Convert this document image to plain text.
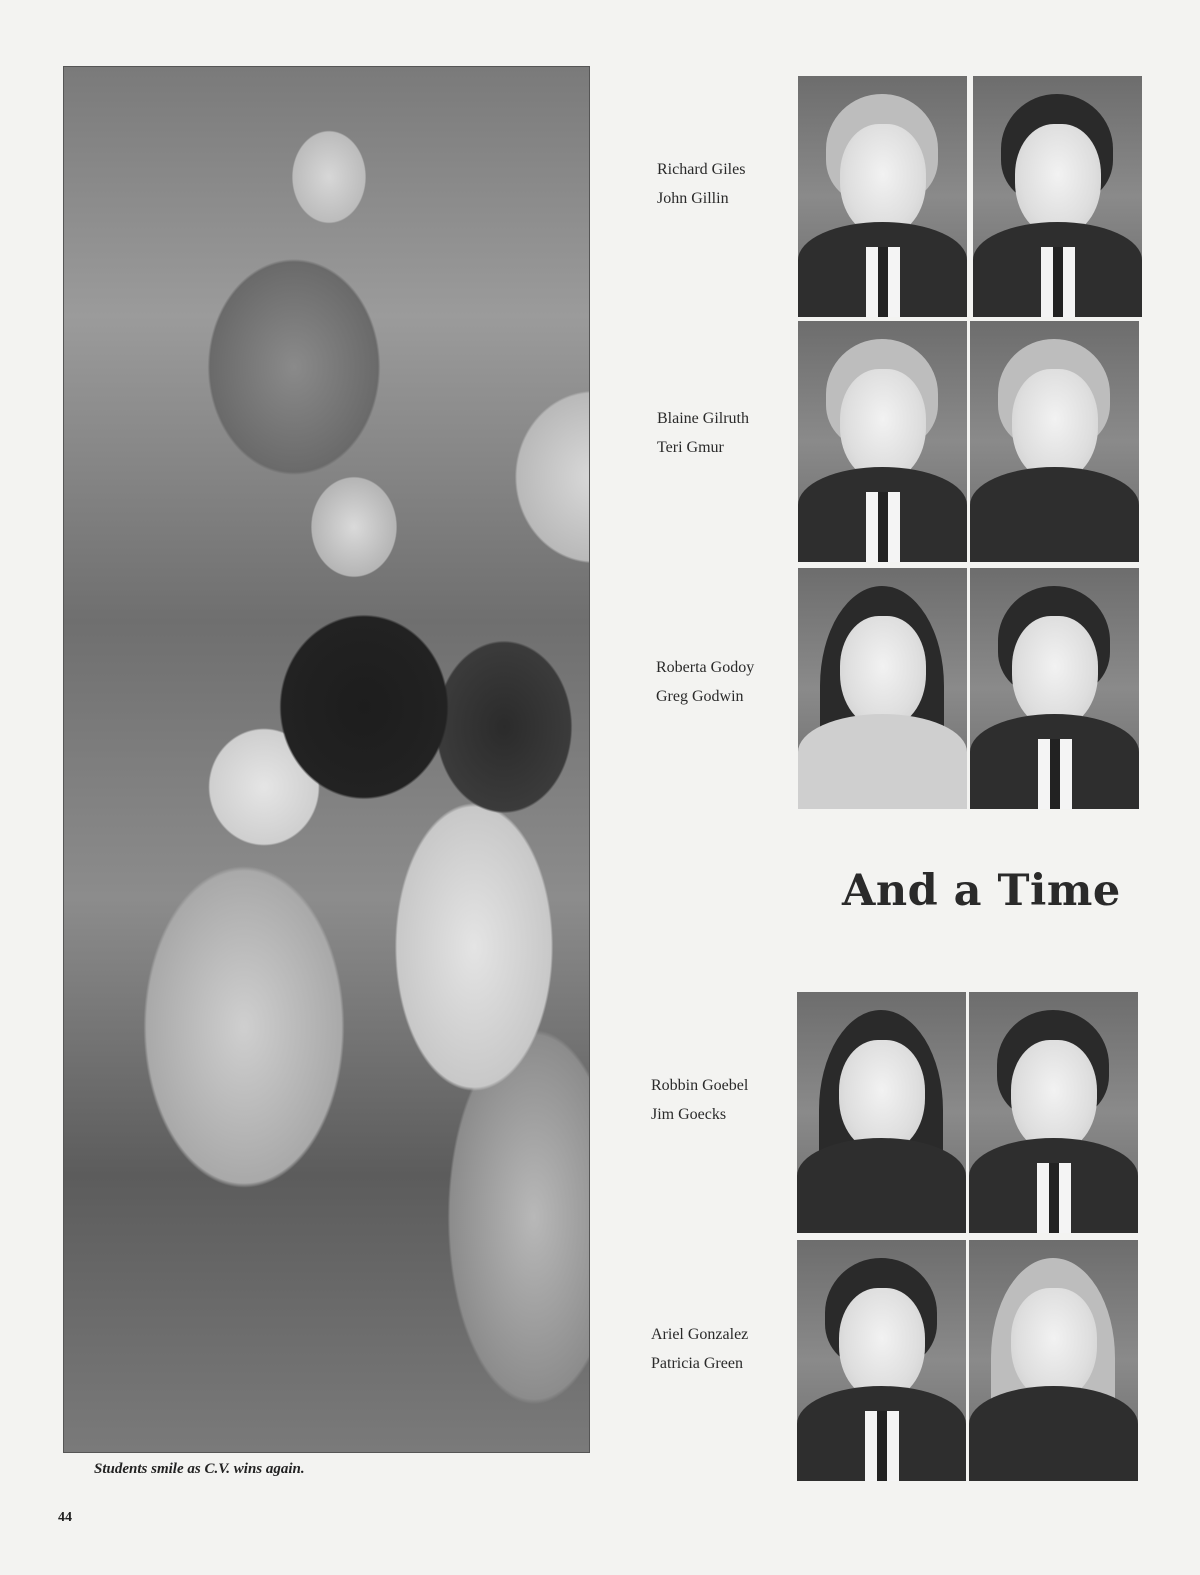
Students smile as C.V. wins again.
44
Richard Giles
John Gillin
Blaine Gilruth
Teri Gmur
Roberta Godoy
Greg Godwin
And a Time
Robbin Goebel
Jim Goecks
Ariel Gonzalez
Patricia Green
